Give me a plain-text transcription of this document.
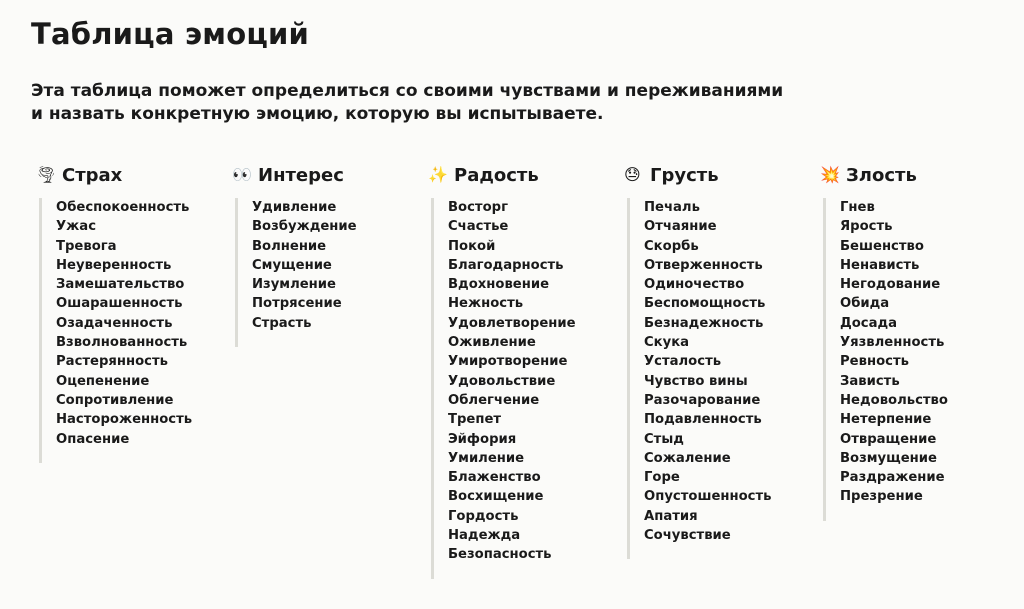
Таблица эмоций

Эта таблица поможет определиться со своими чувствами и переживаниями
и назвать конкретную эмоцию, которую вы испытываете.

🌪 Страх
Обеспокоенность
Ужас
Тревога
Неуверенность
Замешательство
Ошарашенность
Озадаченность
Взволнованность
Растерянность
Оцепенение
Сопротивление
Настороженность
Опасение
👀 Интерес
Удивление
Возбуждение
Волнение
Смущение
Изумление
Потрясение
Страсть
✨ Радость
Восторг
Счастье
Покой
Благодарность
Вдохновение
Нежность
Удовлетворение
Оживление
Умиротворение
Удовольствие
Облегчение
Трепет
Эйфория
Умиление
Блаженство
Восхищение
Гордость
Надежда
Безопасность
😓 Грусть
Печаль
Отчаяние
Скорбь
Отверженность
Одиночество
Беспомощность
Безнадежность
Скука
Усталость
Чувство вины
Разочарование
Подавленность
Стыд
Сожаление
Горе
Опустошенность
Апатия
Сочувствие
💥 Злость
Гнев
Ярость
Бешенство
Ненависть
Негодование
Обида
Досада
Уязвленность
Ревность
Зависть
Недовольство
Нетерпение
Отвращение
Возмущение
Раздражение
Презрение
